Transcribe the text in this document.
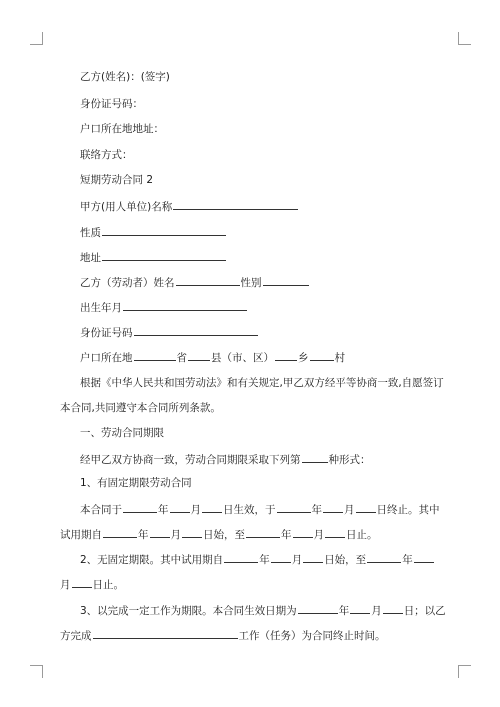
乙方(姓名)：(签字)
身份证号码：
户口所在地地址：
联络方式：
短期劳动合同 2
甲方(用人单位)名称
性质
地址
乙方（劳动者）姓名	性别
出生年月
身份证号码
户口所在地	省 县（市、区） 乡 村
根据《中华人民共和国劳动法》和有关规定,甲乙双方经平等协商一致,自愿签订
本合同,共同遵守本合同所列条款。
一、劳动合同期限
经甲乙双方协商一致，劳动合同期限采取下列第	种形式：
1、有固定期限劳动合同
本合同于	年 月 日生效，于	年 月 日终止。其中
试用期自	年 月 日始，至	年 月 日止。
2、无固定期限。其中试用期自	年 月 日始，至	年
月 日止。
3、以完成一定工作为期限。本合同生效日期为	年 月 日；以乙
方完成	工作（任务）为合同终止时间。
